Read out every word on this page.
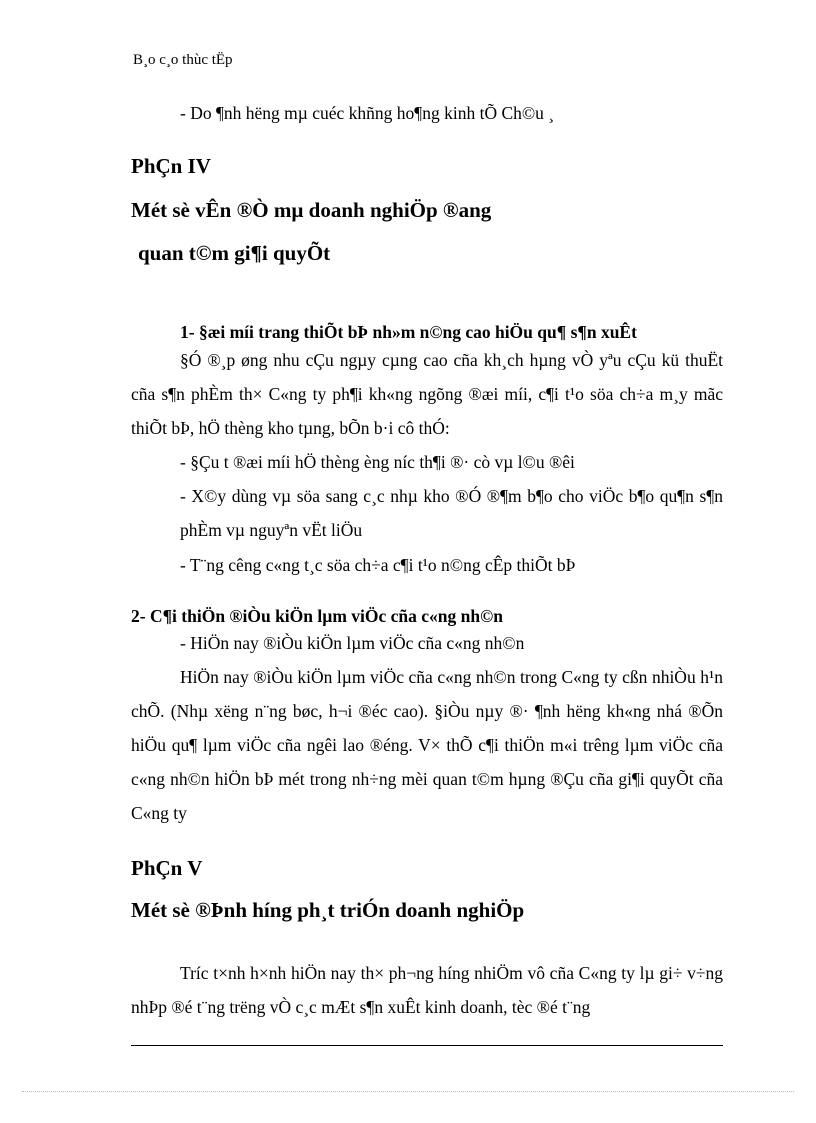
B¸o c¸o thùc tËp
- Do ¶nh hëng mµ cuéc khñng ho¶ng kinh tÕ Ch©u ¸
PhÇn IV
Mét sè vÊn ®Ò mµ doanh nghiÖp ®ang
quan t©m gi¶i quyÕt
1- §æi míi trang thiÕt bÞ nh»m n©ng cao hiÖu qu¶ s¶n xuÊt
§Ó ®¸p øng nhu cÇu ngµy cµng cao cña kh¸ch hµng vÒ yªu cÇu kü thuËt cña s¶n phÈm th× C«ng ty ph¶i kh«ng ngõng ®æi míi, c¶i t¹o söa ch÷a m¸y mãc thiÕt bÞ, hÖ thèng kho tµng, bÕn b·i cô thÓ:
- §Çu t ®æi míi hÖ thèng èng níc th¶i ®· cò vµ l©u ®êi
- X©y dùng vµ söa sang c¸c nhµ kho ®Ó ®¶m b¶o cho viÖc b¶o qu¶n s¶n phÈm vµ nguyªn vËt liÖu
- T¨ng cêng c«ng t¸c söa ch÷a c¶i t¹o n©ng cÊp thiÕt bÞ
2- C¶i thiÖn ®iÒu kiÖn lµm viÖc cña c«ng nh©n
- HiÖn nay ®iÒu kiÖn lµm viÖc cña c«ng nh©n
HiÖn nay ®iÒu kiÖn lµm viÖc cña c«ng nh©n trong C«ng ty cßn nhiÒu h¹n chÕ. (Nhµ xëng n¨ng bøc, h¬i ®éc cao). §iÒu nµy ®· ¶nh hëng kh«ng nhá ®Õn hiÖu qu¶ lµm viÖc cña ngêi lao ®éng. V× thÕ c¶i thiÖn m«i trêng lµm viÖc cña c«ng nh©n hiÖn bÞ mét trong nh÷ng mèi quan t©m hµng ®Çu cña gi¶i quyÕt cña C«ng ty
PhÇn V
Mét sè ®Þnh híng ph¸t triÓn doanh nghiÖp
Tríc t×nh h×nh hiÖn nay th× ph¬ng híng nhiÖm vô cña C«ng ty lµ gi÷ v÷ng nhÞp ®é t¨ng trëng vÒ c¸c mÆt s¶n xuÊt kinh doanh, tèc ®é t¨ng
